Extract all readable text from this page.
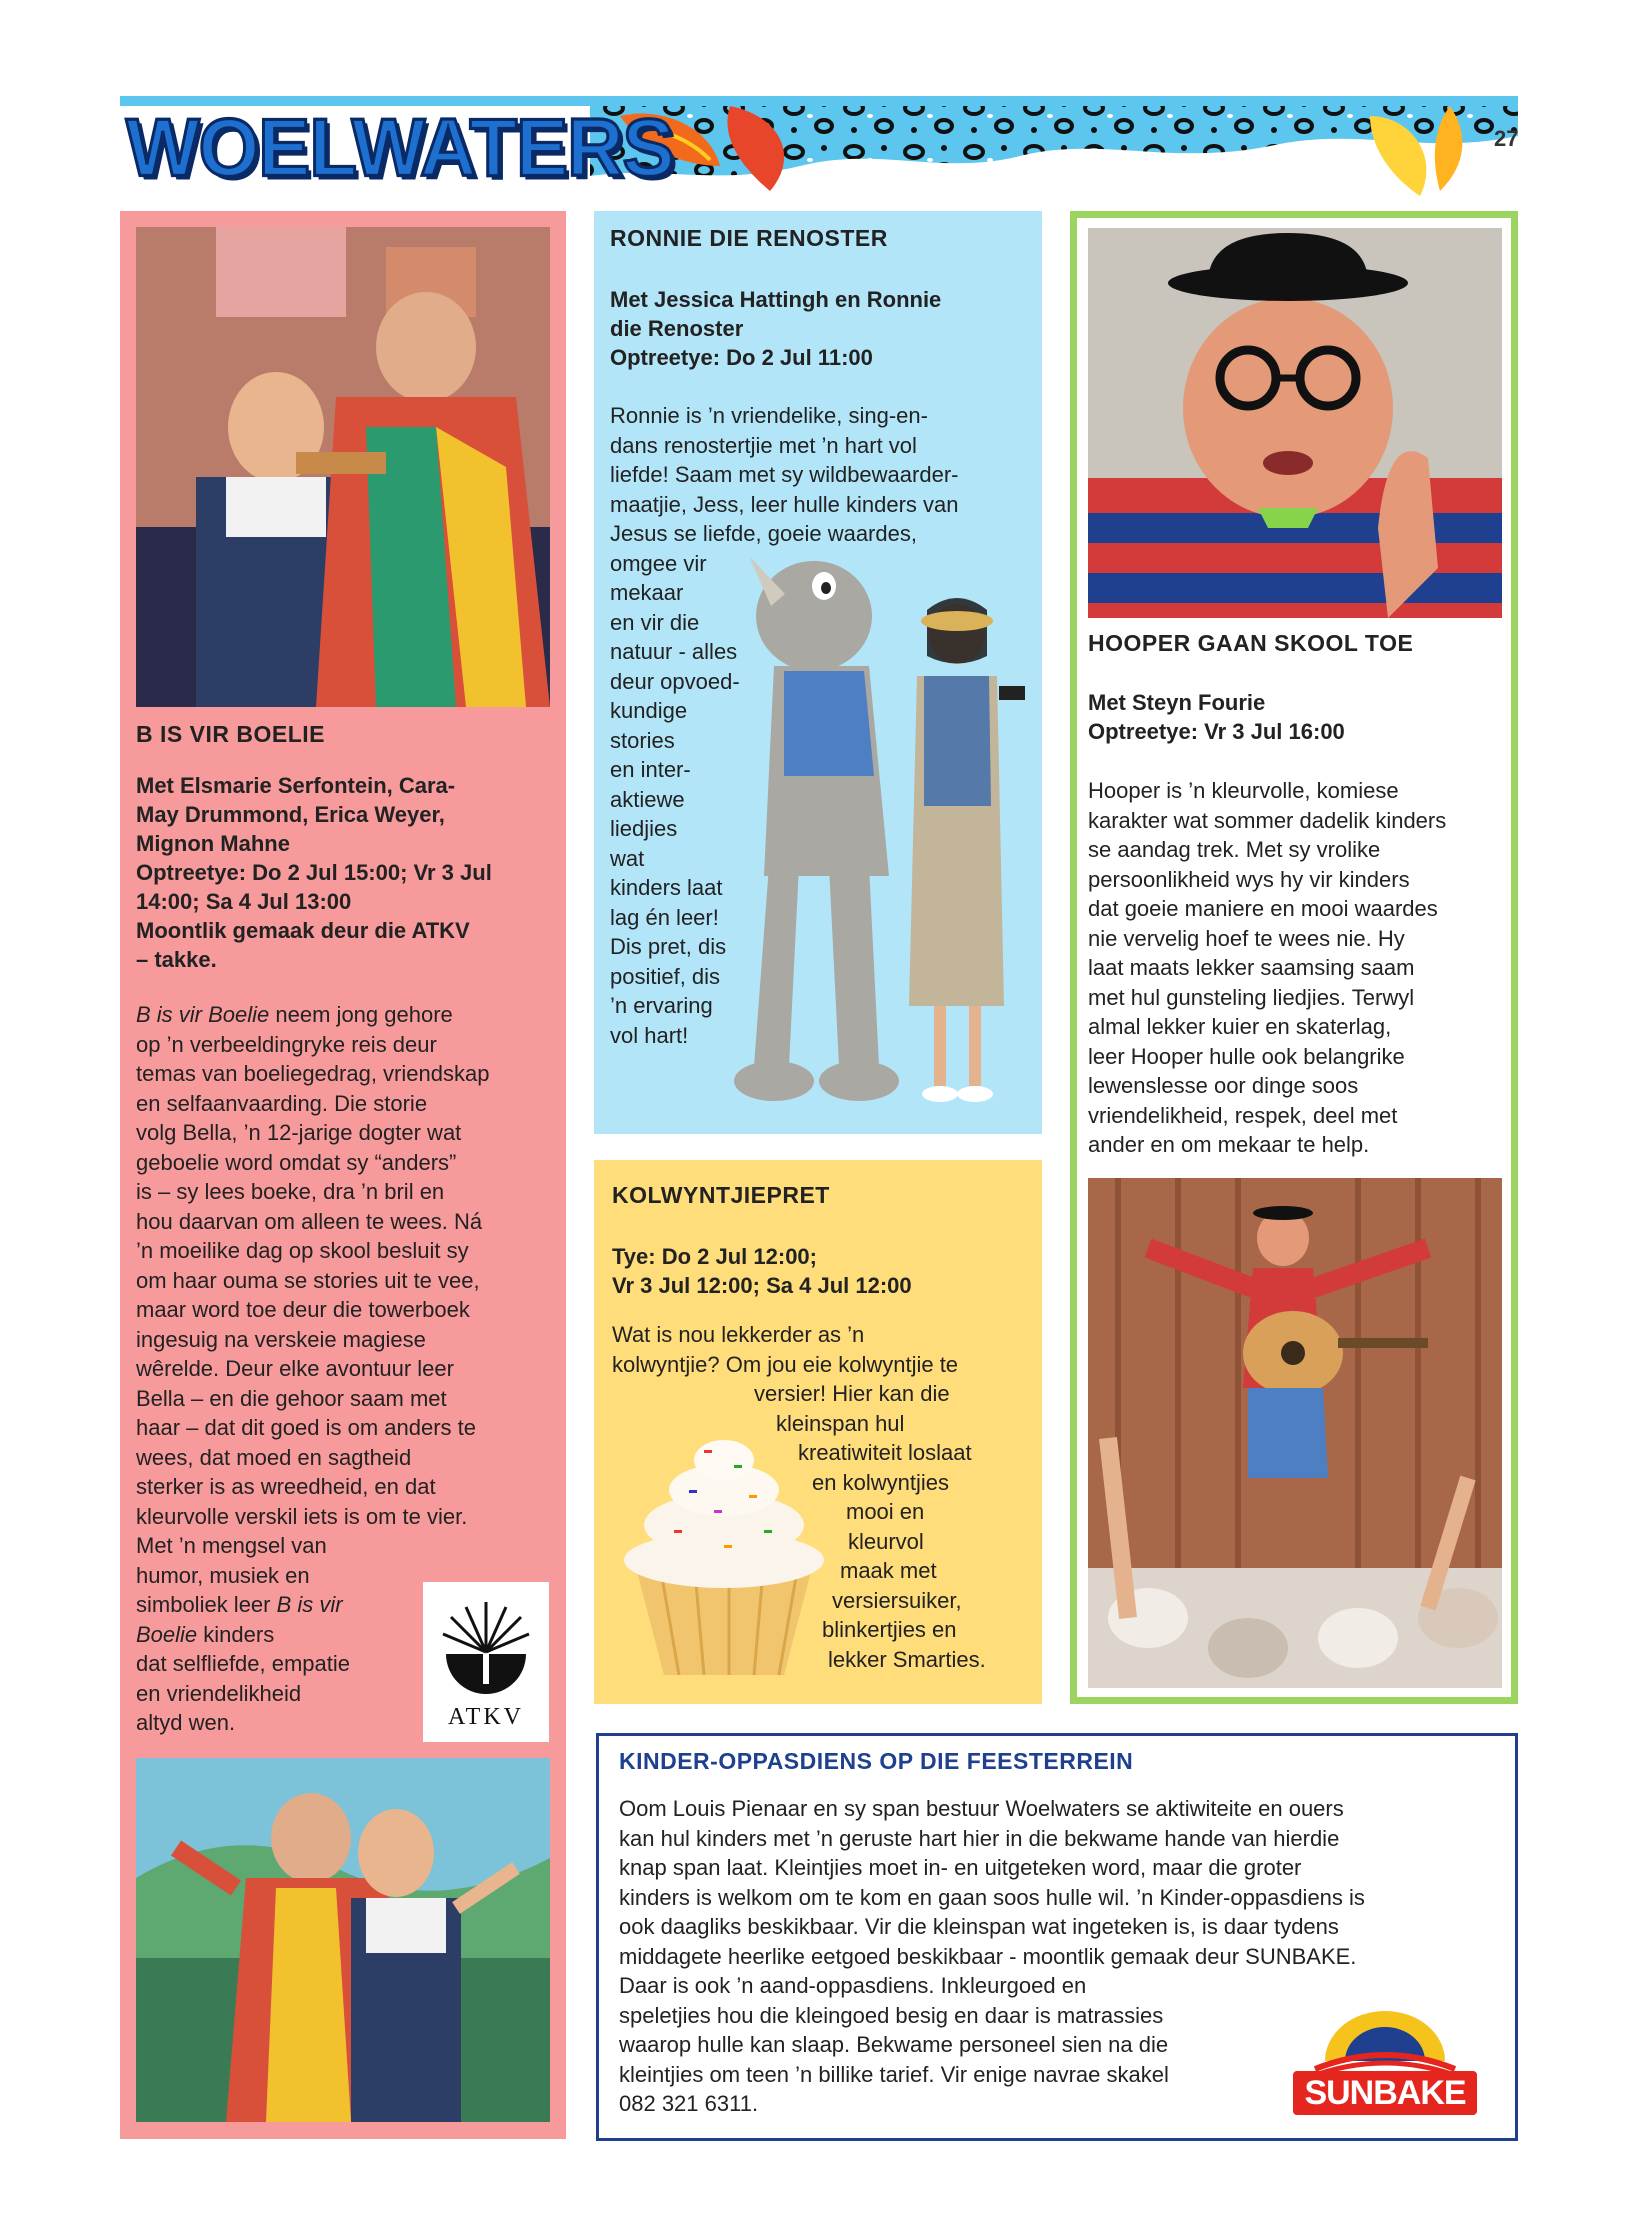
WOELWATERS	27
B IS VIR BOELIE
Met Elsmarie Serfontein, Cara-
May Drummond, Erica Weyer,
Mignon Mahne
Optreetye: Do 2 Jul 15:00; Vr 3 Jul
14:00; Sa 4 Jul 13:00
Moontlik gemaak deur die ATKV
– takke.
B is vir Boelie neem jong gehore
op ’n verbeeldingryke reis deur
temas van boeliegedrag, vriendskap
en selfaanvaarding. Die storie
volg Bella, ’n 12-jarige dogter wat
geboelie word omdat sy “anders”
is – sy lees boeke, dra ’n bril en
hou daarvan om alleen te wees. Ná
’n moeilike dag op skool besluit sy
om haar ouma se stories uit te vee,
maar word toe deur die towerboek
ingesuig na verskeie magiese
wêrelde. Deur elke avontuur leer
Bella – en die gehoor saam met
haar – dat dit goed is om anders te
wees, dat moed en sagtheid
sterker is as wreedheid, en dat
kleurvolle verskil iets is om te vier.
Met ’n mengsel van
humor, musiek en
simboliek leer B is vir
Boelie kinders
dat selfliefde, empatie
en vriendelikheid
altyd wen.	ATKV
RONNIE DIE RENOSTER
Met Jessica Hattingh en Ronnie
die Renoster
Optreetye: Do 2 Jul 11:00
Ronnie is ’n vriendelike, sing-en-
dans renostertjie met ’n hart vol
liefde! Saam met sy wildbewaarder-
maatjie, Jess, leer hulle kinders van
Jesus se liefde, goeie waardes,
omgee vir
mekaar
en vir die
natuur - alles
deur opvoed-
kundige
stories
en inter-
aktiewe
liedjies
wat
kinders laat
lag én leer!
Dis pret, dis
positief, dis
’n ervaring
vol hart!
KOLWYNTJIEPRET
Tye: Do 2 Jul 12:00;
Vr 3 Jul 12:00; Sa 4 Jul 12:00
Wat is nou lekkerder as ’n
kolwyntjie? Om jou eie kolwyntjie te
versier! Hier kan die
kleinspan hul
kreatiwiteit loslaat
en kolwyntjies
mooi en
kleurvol
maak met
versiersuiker,
blinkertjies en
lekker Smarties.
HOOPER GAAN SKOOL TOE
Met Steyn Fourie
Optreetye: Vr 3 Jul 16:00
Hooper is ’n kleurvolle, komiese
karakter wat sommer dadelik kinders
se aandag trek. Met sy vrolike
persoonlikheid wys hy vir kinders
dat goeie maniere en mooi waardes
nie vervelig hoef te wees nie. Hy
laat maats lekker saamsing saam
met hul gunsteling liedjies. Terwyl
almal lekker kuier en skaterlag,
leer Hooper hulle ook belangrike
lewenslesse oor dinge soos
vriendelikheid, respek, deel met
ander en om mekaar te help.
KINDER-OPPASDIENS OP DIE FEESTERREIN
Oom Louis Pienaar en sy span bestuur Woelwaters se aktiwiteite en ouers
kan hul kinders met ’n geruste hart hier in die bekwame hande van hierdie
knap span laat. Kleintjies moet in- en uitgeteken word, maar die groter
kinders is welkom om te kom en gaan soos hulle wil. ’n Kinder-oppasdiens is
ook daagliks beskikbaar. Vir die kleinspan wat ingeteken is, is daar tydens
middagete heerlike eetgoed beskikbaar - moontlik gemaak deur SUNBAKE.
Daar is ook ’n aand-oppasdiens. Inkleurgoed en
speletjies hou die kleingoed besig en daar is matrassies
waarop hulle kan slaap. Bekwame personeel sien na die
kleintjies om teen ’n billike tarief. Vir enige navrae skakel
082 321 6311.	SUNBAKE
